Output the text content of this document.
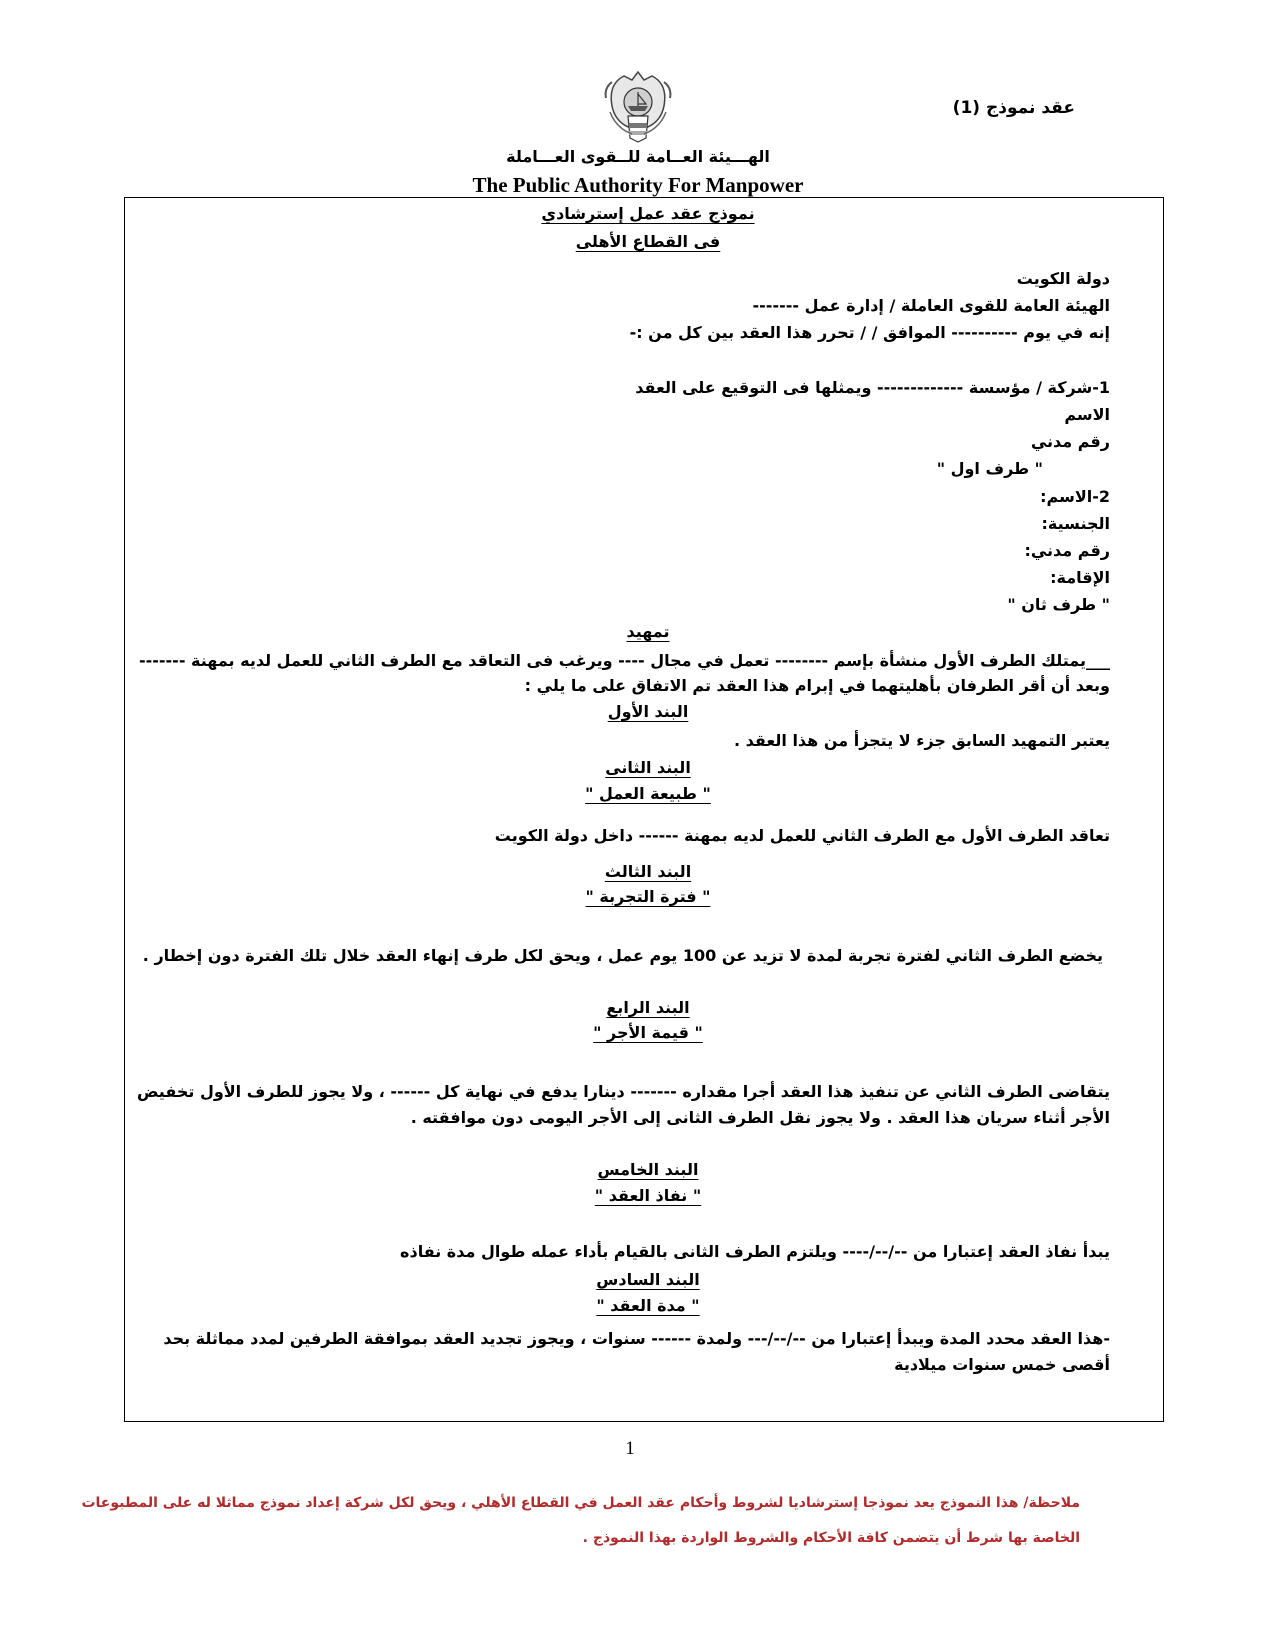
عقد نموذج (1)
الهـــيئة العــامة للــقوى العـــاملة
The Public Authority For Manpower
نموذج عقد عمل إسترشادي
فى القطاع الأهلى
دولة الكويت
الهيئة العامة للقوى العاملة / إدارة عمل -------
إنه في يوم ---------- الموافق / / تحرر هذا العقد بين كل من :-
1-شركة / مؤسسة ------------- ويمثلها فى التوقيع على العقد
الاسم
رقم مدني
" طرف اول "
2-الاسم:
الجنسية:
رقم مدني:
الإقامة:
" طرف ثان "
تمهيد
___يمتلك الطرف الأول منشأة بإسم -------- تعمل في مجال ---- ويرغب فى التعاقد مع الطرف الثاني للعمل لديه بمهنة -------
وبعد أن أقر الطرفان بأهليتهما في إبرام هذا العقد تم الاتفاق على ما يلي :
البند الأول
يعتبر التمهيد السابق جزء لا يتجزأ من هذا العقد .
البند الثانى
" طبيعة العمل "
تعاقد الطرف الأول مع الطرف الثاني للعمل لديه بمهنة ------ داخل دولة الكويت
البند الثالث
" فترة التجربة "
يخضع الطرف الثاني لفترة تجربة لمدة لا تزيد عن 100 يوم عمل ، ويحق لكل طرف إنهاء العقد خلال تلك الفترة دون إخطار .
البند الرابع
" قيمة الأجر "
يتقاضى الطرف الثاني عن تنفيذ هذا العقد أجرا مقداره ------- دينارا يدفع في نهاية كل ------ ، ولا يجوز للطرف الأول تخفيض الأجر أثناء سريان هذا العقد . ولا يجوز نقل الطرف الثانى إلى الأجر اليومى دون موافقته .
البند الخامس
" نفاذ العقد "
يبدأ نفاذ العقد إعتبارا من --/--/---- ويلتزم الطرف الثانى بالقيام بأداء عمله طوال مدة نفاذه
البند السادس
" مدة العقد "
-هذا العقد محدد المدة ويبدأ إعتبارا من --/--/--- ولمدة ------ سنوات ، ويجوز تجديد العقد بموافقة الطرفين لمدد مماثلة بحد أقصى خمس سنوات ميلادية
1
ملاحظة/ هذا النموذج يعد نموذجا إسترشاديا لشروط وأحكام عقد العمل في القطاع الأهلي ، ويحق لكل شركة إعداد نموذج مماثلا له على المطبوعات
الخاصة بها شرط أن يتضمن كافة الأحكام والشروط الواردة بهذا النموذج .
